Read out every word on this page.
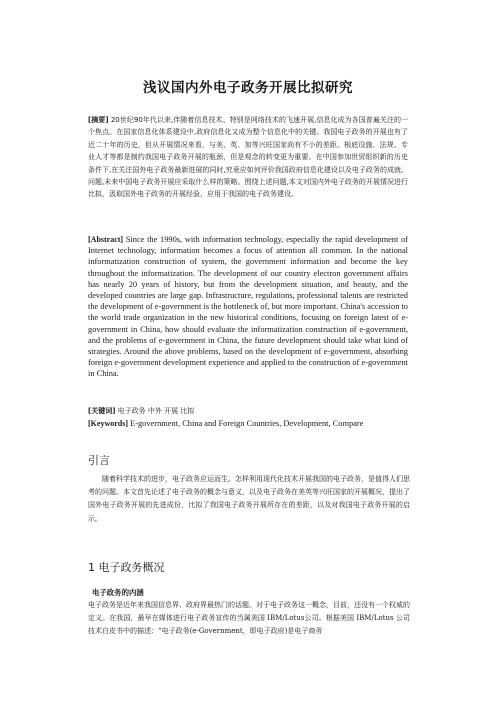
浅议国内外电子政务开展比拟研究
[摘要] 20世纪90年代以来,伴随着信息技术、特别是网络技术的飞速开展,信息化成为各国普遍关注的一个焦点。在国家信息化体系建设中,政府信息化又成为整个信息化中的关键。我国电子政务的开展也有了近二十年的历史，但从开展情况来看，与美、英、加等兴旺国家尚有不小的差距。根底设施、法规、专业人才等都是制约我国电子政务开展的瓶颈，但是观念的转变更为重要。在中国参加世贸组织新的历史条件下,在关注国外电子政务最新进展的同时,究竟应如何评价我国政府信息化建设以及电子政务的成就、问题,未来中国电子政务开展应采取什么样的策略。围绕上述问题,本文对国内外电子政务的开展情况进行比拟，汲取国外电子政务的开展经验，应用于我国的电子政务建设。
[Abstract] Since the 1990s, with information technology, especially the rapid development of Internet technology, information becomes a focus of attention all common. In the national informatization construction of system, the government information and become the key throughout the informatization. The development of our country electron government affairs has nearly 20 years of history, but from the development situation, and beauty, and the developed countries are large gap. Infrastructure, regulations, professional talents are restricted the development of e-government is the bottleneck of, but more important. China's accession to the world trade organization in the new historical conditions, focusing on foreign latest of e-government in China, how should evaluate the informatization construction of e-government, and the problems of e-government in China, the future development should take what kind of strategies. Around the above problems, based on the development of e-government, absorbing foreign e-government development experience and applied to the construction of e-government in China.
[关键词] 电子政务 中外 开展 比拟
[Keywords] E-government, China and Foreign Countries, Development, Compare
引言
随着科学技术的进步，电子政务应运而生。怎样利用现代化技术开展我国的电子政务，是值得人们思考的问题。本文首先论述了电子政务的概念与意义，以及电子政务在美英等兴旺国家的开展概况，提出了国外电子政务开展的先进成份，比拟了我国电子政务开展所存在的差距，以及对我国电子政务开展的启示。
1 电子政务概况
电子政务的内涵
电子政务是近年来我国信息界、政府界最热门的话题。对于电子政务这一概念，目前，还没有一个权威的定义。在我国，最早在媒体进行电子政务宣传的当属美国 IBM/Lotus公司。根据美国 IBM/Lotus 公司技术白皮书中的描述：“电子政务(e-Government，即电子政府)是电子商务
